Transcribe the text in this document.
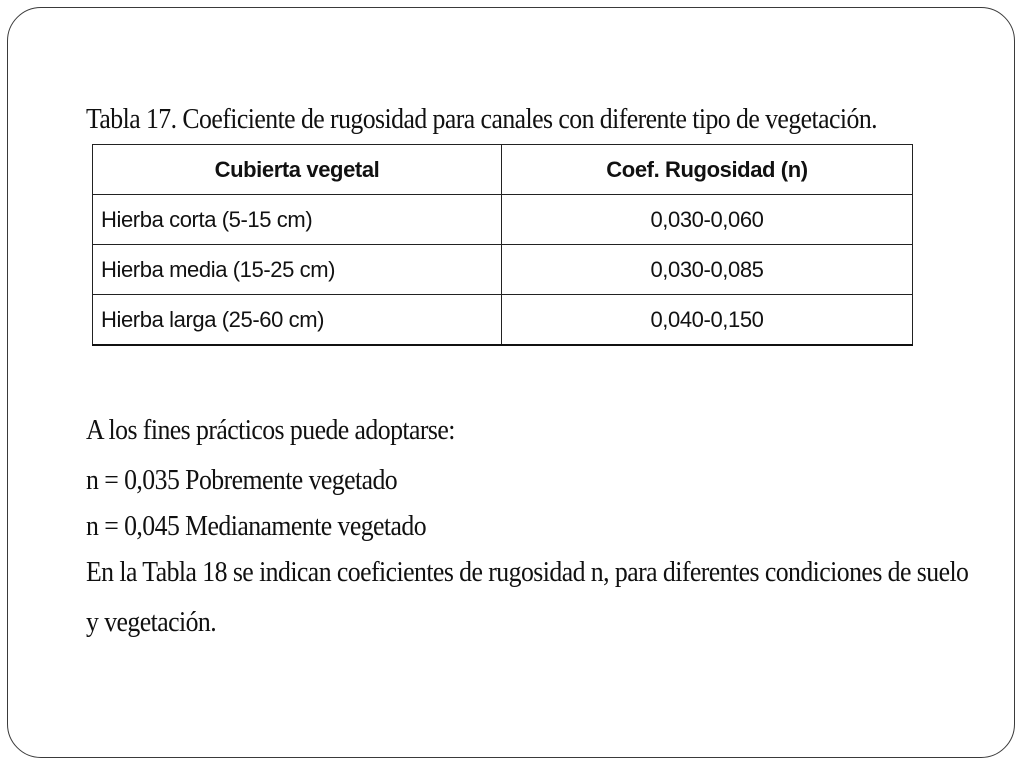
Tabla 17. Coeficiente de rugosidad para canales con diferente tipo de vegetación.
Cubierta vegetal	Coef. Rugosidad (n)
Hierba corta (5-15 cm)	0,030-0,060
Hierba media (15-25 cm)	0,030-0,085
Hierba larga (25-60 cm)	0,040-0,150
A los fines prácticos puede adoptarse:
n = 0,035 Pobremente vegetado
n = 0,045 Medianamente vegetado
En la Tabla 18 se indican coeficientes de rugosidad n, para diferentes condiciones de suelo
y vegetación.
